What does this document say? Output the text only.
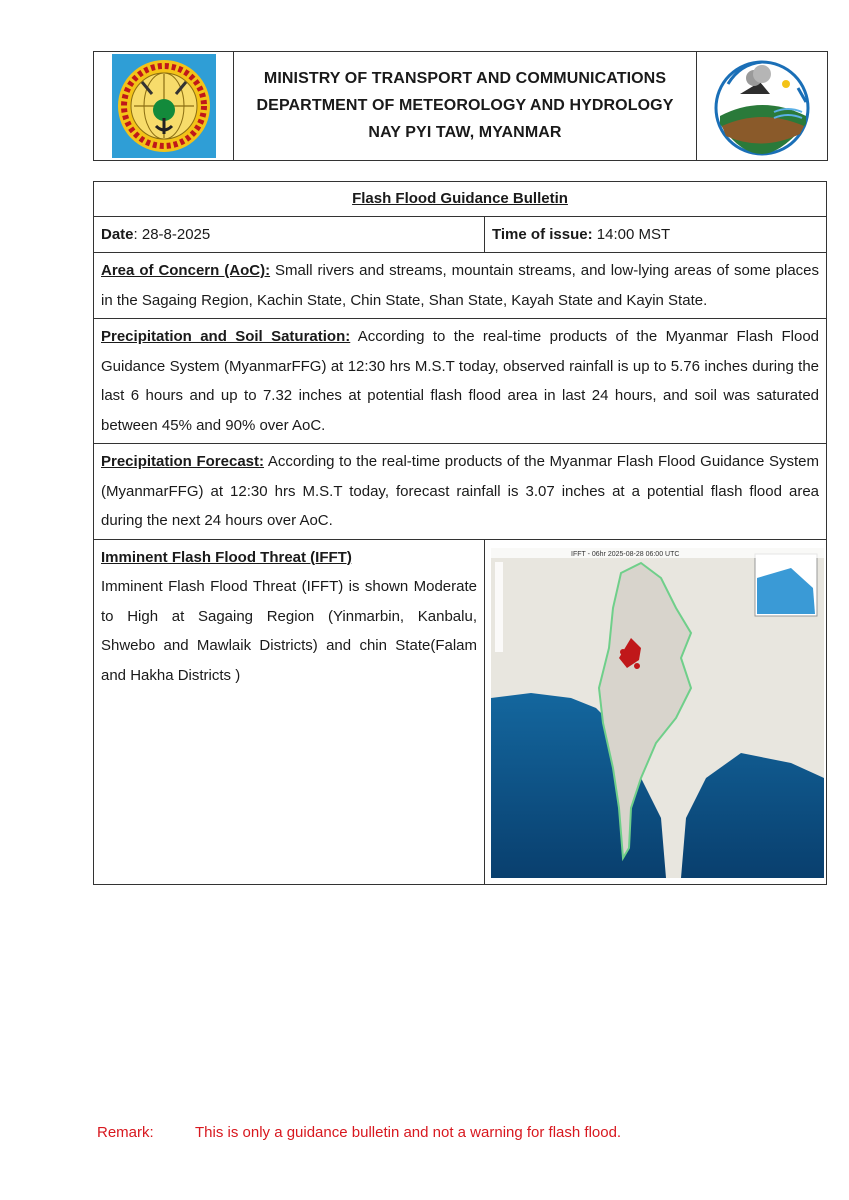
MINISTRY OF TRANSPORT AND COMMUNICATIONS
DEPARTMENT OF METEOROLOGY AND HYDROLOGY
NAY PYI TAW, MYANMAR
Flash Flood Guidance Bulletin	
Date: 28-8-2025	Time of issue: 14:00 MST
Area of Concern (AoC): Small rivers and streams, mountain streams, and low-lying areas of some places in the Sagaing Region, Kachin State, Chin State, Shan State, Kayah State and Kayin State.	
Precipitation and Soil Saturation: According to the real-time products of the Myanmar Flash Flood Guidance System (MyanmarFFG) at 12:30 hrs M.S.T today, observed rainfall is up to 5.76 inches during the last 6 hours and up to 7.32 inches at potential flash flood area in last 24 hours, and soil was saturated between 45% and 90% over AoC.	
Precipitation Forecast: According to the real-time products of the Myanmar Flash Flood Guidance System (MyanmarFFG) at 12:30 hrs M.S.T today, forecast rainfall is 3.07 inches at a potential flash flood area during the next 24 hours over AoC.	

Imminent Flash Flood Threat (IFFT)
Imminent Flash Flood Threat (IFFT) is shown Moderate to High at Sagaing Region (Yinmarbin, Kanbalu, Shwebo and Mawlaik Districts) and chin State(Falam and Hakha Districts )	IFFT - 06hr 2025-08-28 06:00 UTC
Remark:	This is only a guidance bulletin and not a warning for flash flood.
